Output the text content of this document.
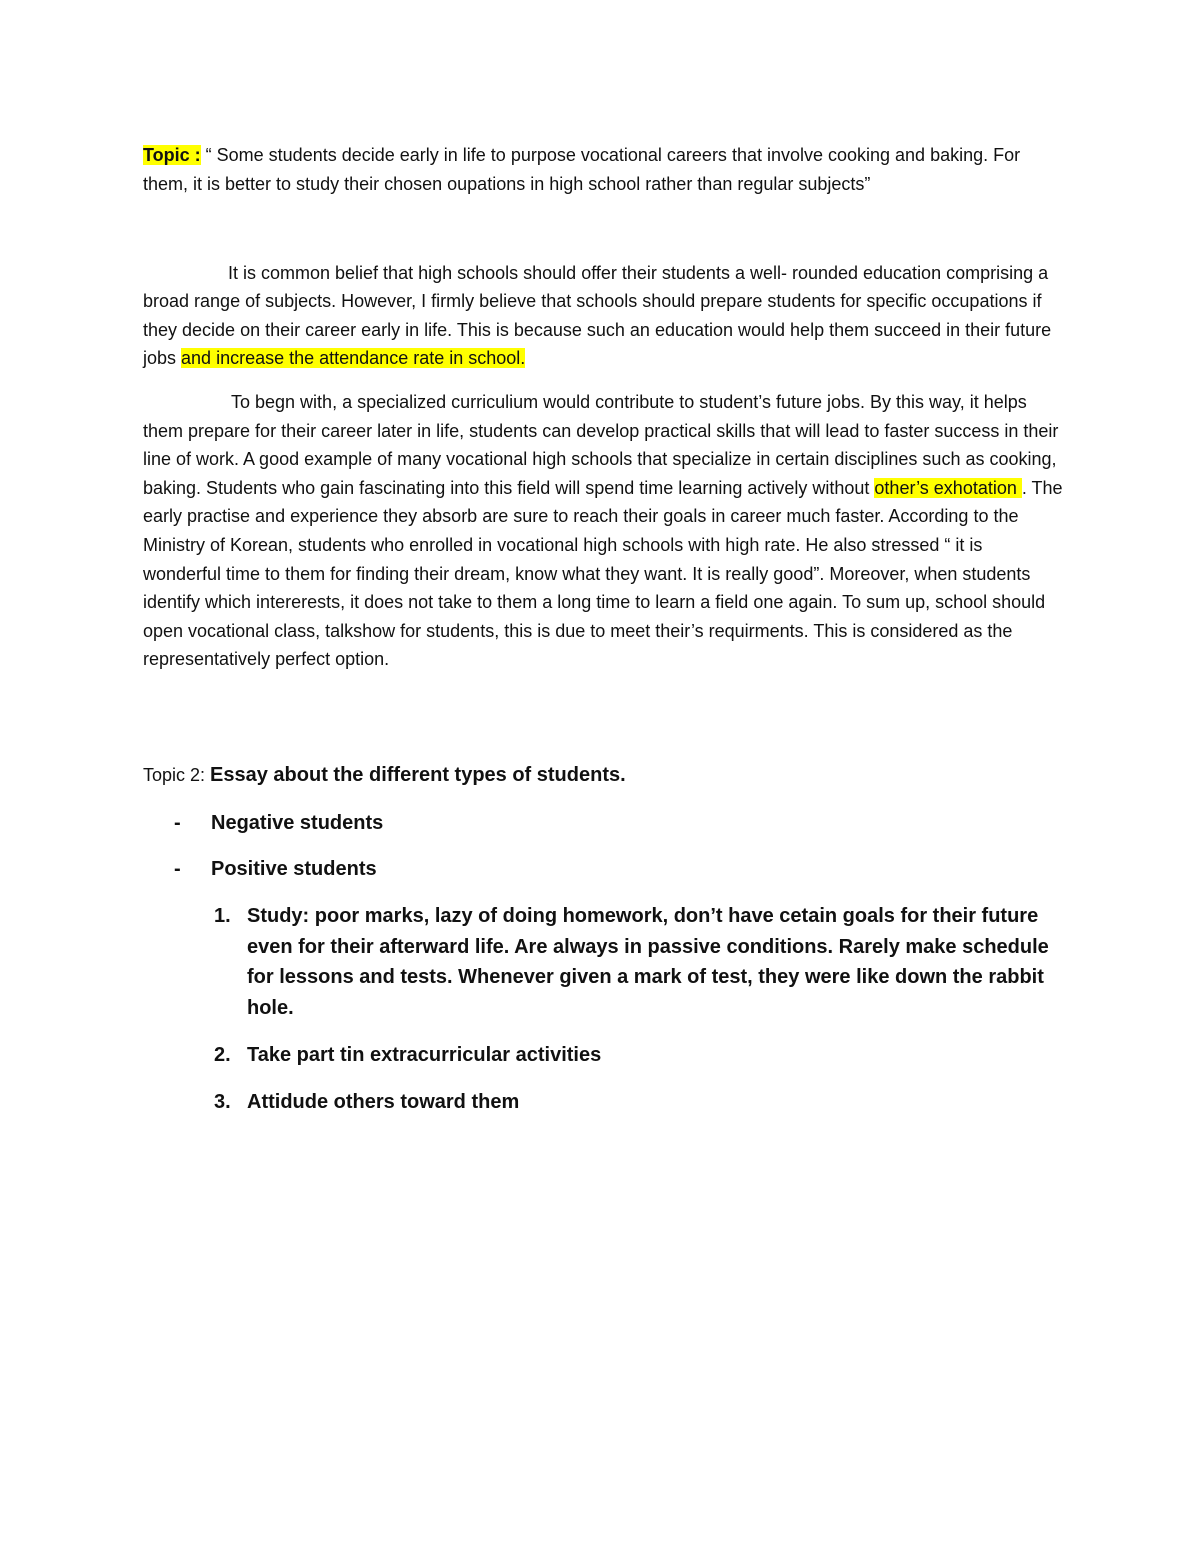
Topic : “ Some students decide early in life to purpose vocational careers that involve cooking and baking. For them, it is better to study their chosen oupations in high school rather than regular subjects”
It is common belief that high schools should offer their students a well- rounded education comprising a broad range of subjects. However, I firmly believe that schools should prepare students for specific occupations if they decide on their career early in life. This is because such an education would help them succeed in their future jobs and increase the attendance rate in school.
To begn with, a specialized curriculium would contribute to student’s future jobs. By this way, it helps them prepare for their career later in life, students can develop practical skills that will lead to faster success in their line of work. A good example of many vocational high schools that specialize in certain disciplines such as cooking, baking. Students who gain fascinating into this field will spend time learning actively without other’s exhotation . The early practise and experience they absorb are sure to reach their goals in career much faster. According to the Ministry of Korean, students who enrolled in vocational high schools with high rate. He also stressed “ it is wonderful time to them for finding their dream, know what they want. It is really good”. Moreover, when students identify which intererests, it does not take to them a long time to learn a field one again. To sum up, school should open vocational class, talkshow for students, this is due to meet their’s requirments. This is considered as the representatively perfect option.
Topic 2: Essay about the different types of students.
- Negative students
- Positive students
1. Study: poor marks, lazy of doing homework, don’t have cetain goals for their future even for their afterward life. Are always in passive conditions. Rarely make schedule for lessons and tests. Whenever given a mark of test, they were like down the rabbit hole.
2. Take part tin extracurricular activities
3. Attidude others toward them
